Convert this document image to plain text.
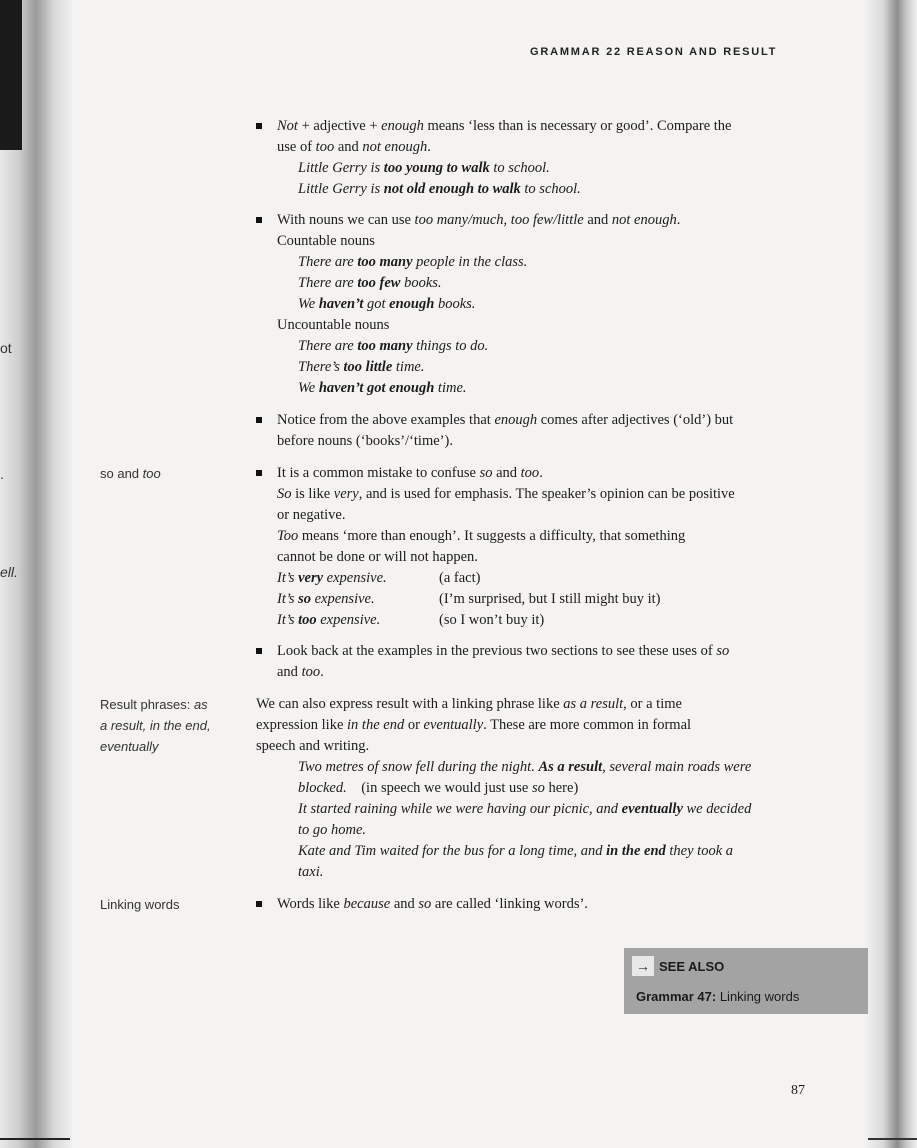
ot
.
ell.
GRAMMAR 22 REASON AND RESULT
so and too
Result phrases: as
a result, in the end,
eventually
Linking words
Not + adjective + enough means ‘less than is necessary or good’. Compare the
use of too and not enough.
Little Gerry is too young to walk to school.
Little Gerry is not old enough to walk to school.
With nouns we can use too many/much, too few/little and not enough.
Countable nouns
There are too many people in the class.
There are too few books.
We haven’t got enough books.
Uncountable nouns
There are too many things to do.
There’s too little time.
We haven’t got enough time.
Notice from the above examples that enough comes after adjectives (‘old’) but
before nouns (‘books’/‘time’).
It is a common mistake to confuse so and too.
So is like very, and is used for emphasis. The speaker’s opinion can be positive
or negative.
Too means ‘more than enough’. It suggests a difficulty, that something
cannot be done or will not happen.
It’s very expensive.	(a fact)
It’s so expensive.	(I’m surprised, but I still might buy it)
It’s too expensive.	(so I won’t buy it)
Look back at the examples in the previous two sections to see these uses of so
and too.
We can also express result with a linking phrase like as a result, or a time
expression like in the end or eventually. These are more common in formal
speech and writing.
Two metres of snow fell during the night. As a result, several main roads were
blocked.    (in speech we would just use so here)
It started raining while we were having our picnic, and eventually we decided
to go home.
Kate and Tim waited for the bus for a long time, and in the end they took a
taxi.
Words like because and so are called ‘linking words’.
→ SEE ALSO
Grammar 47: Linking words
87
